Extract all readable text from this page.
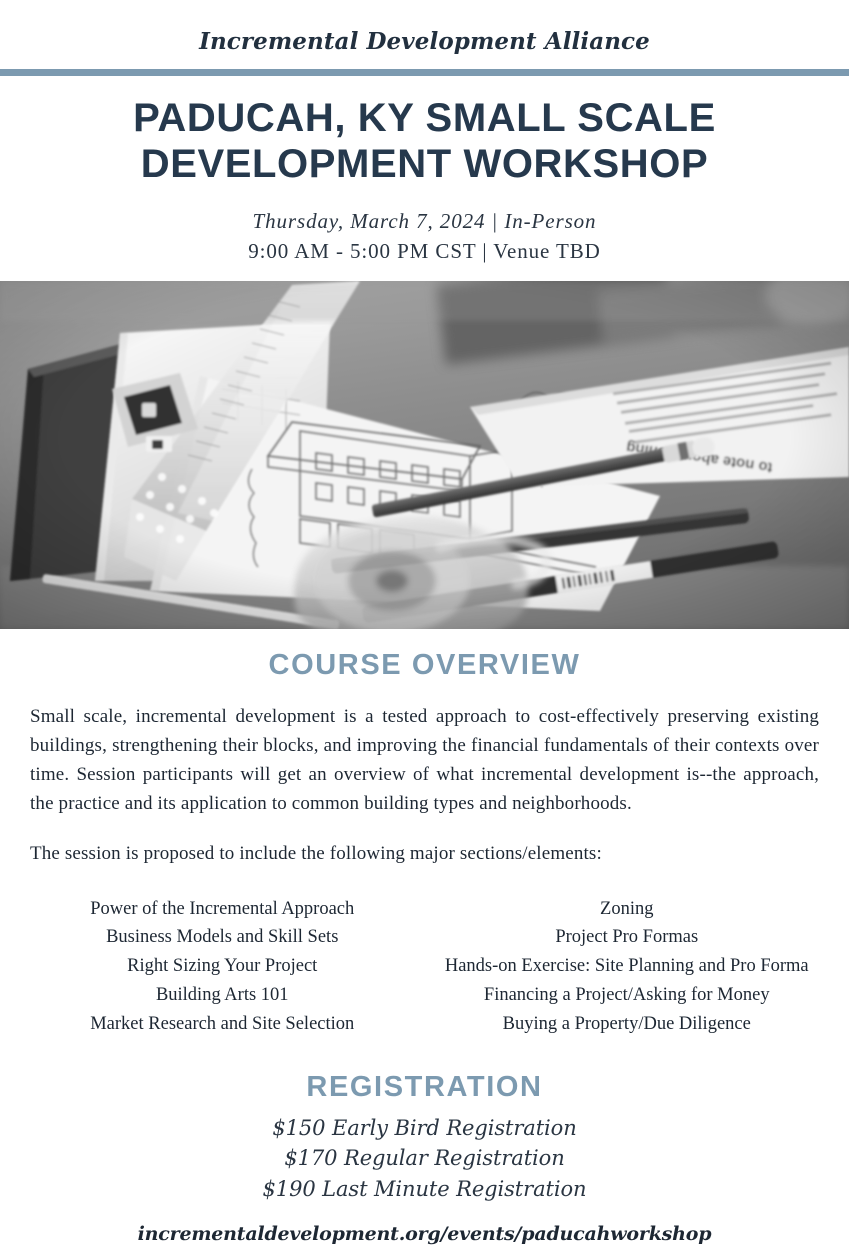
Incremental Development Alliance
PADUCAH, KY SMALL SCALE
DEVELOPMENT WORKSHOP
Thursday, March 7, 2024 | In-Person
9:00 AM - 5:00 PM CST | Venue TBD
COURSE OVERVIEW

Small scale, incremental development is a tested approach to cost-effectively preserving existing buildings, strengthening their blocks, and improving the financial fundamentals of their contexts over time. Session participants will get an overview of what incremental development is--the approach, the practice and its application to common building types and neighborhoods.

The session is proposed to include the following major sections/elements:

Power of the Incremental Approach
Business Models and Skill Sets
Right Sizing Your Project
Building Arts 101
Market Research and Site Selection
Zoning
Project Pro Formas
Hands-on Exercise: Site Planning and Pro Forma
Financing a Project/Asking for Money
Buying a Property/Due Diligence
REGISTRATION
$150 Early Bird Registration
$170 Regular Registration
$190 Last Minute Registration
incrementaldevelopment.org/events/paducahworkshop
